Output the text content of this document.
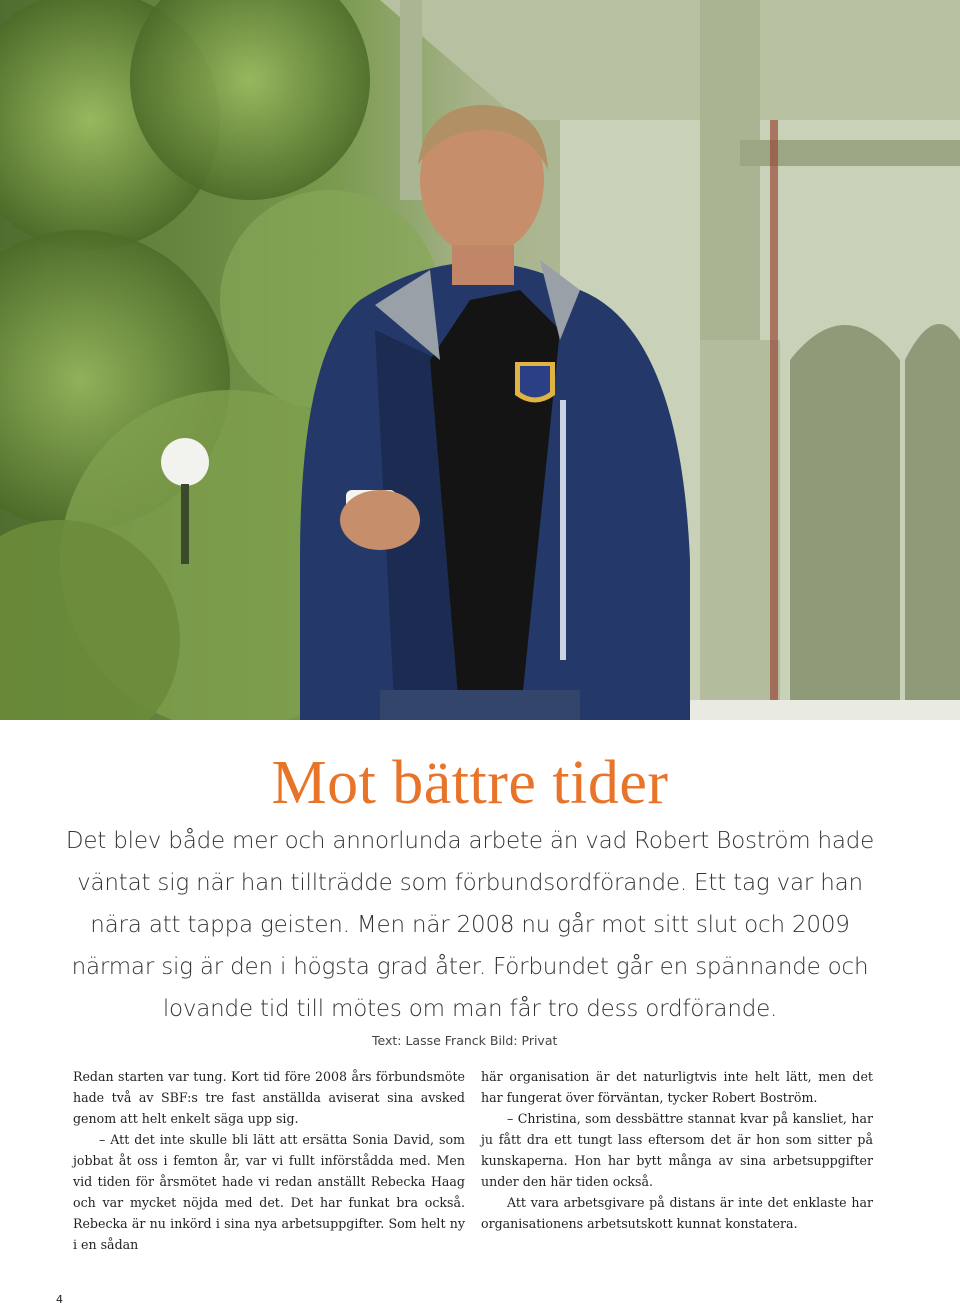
Mot bättre tider

Det blev både mer och annorlunda arbete än vad Robert Boström hade väntat sig när han tillträdde som förbundsordförande. Ett tag var han nära att tappa geisten. Men när 2008 nu går mot sitt slut och 2009 närmar sig är den i högsta grad åter. Förbundet går en spännande och lovande tid till mötes om man får tro dess ordförande.

Text: Lasse Franck Bild: Privat

Redan starten var tung. Kort tid före 2008 års förbundsmöte hade två av SBF:s tre fast anställda aviserat sina avsked genom att helt enkelt säga upp sig.

– Att det inte skulle bli lätt att ersätta Sonia David, som jobbat åt oss i femton år, var vi fullt införstådda med. Men vid tiden för årsmötet hade vi redan anställt Rebecka Haag och var mycket nöjda med det. Det har funkat bra också. Rebecka är nu inkörd i sina nya arbetsuppgifter. Som helt ny i en sådan

här organisation är det naturligtvis inte helt lätt, men det har fungerat över förväntan, tycker Robert Boström.

– Christina, som dessbättre stannat kvar på kansliet, har ju fått dra ett tungt lass eftersom det är hon som sitter på kunskaperna. Hon har bytt många av sina arbetsuppgifter under den här tiden också.

Att vara arbetsgivare på distans är inte det enklaste har organisationens arbetsutskott kunnat konstatera.

4
